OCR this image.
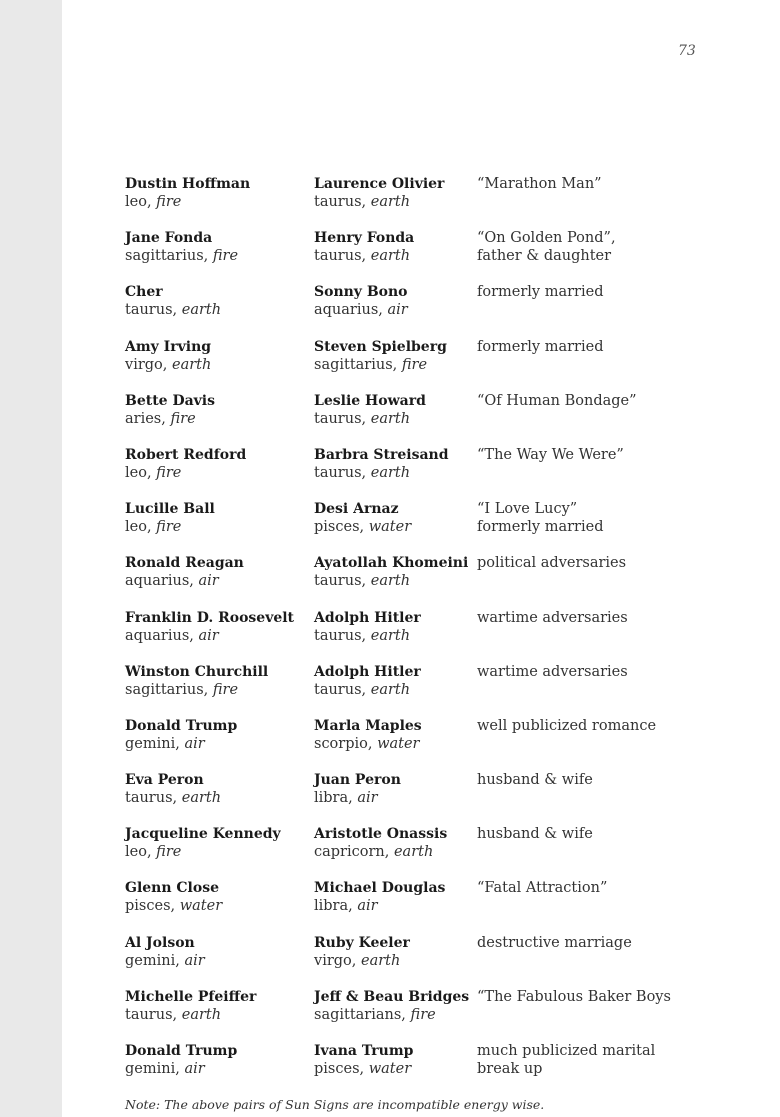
73
Dustin Hoffman
leo, fire
Laurence Olivier
taurus, earth
“Marathon Man”
Jane Fonda
sagittarius, fire
Henry Fonda
taurus, earth
“On Golden Pond”,
father & daughter
Cher
taurus, earth
Sonny Bono
aquarius, air
formerly married
Amy Irving
virgo, earth
Steven Spielberg
sagittarius, fire
formerly married
Bette Davis
aries, fire
Leslie Howard
taurus, earth
“Of Human Bondage”
Robert Redford
leo, fire
Barbra Streisand
taurus, earth
“The Way We Were”
Lucille Ball
leo, fire
Desi Arnaz
pisces, water
“I Love Lucy”
formerly married
Ronald Reagan
aquarius, air
Ayatollah Khomeini
taurus, earth
political adversaries
Franklin D. Roosevelt
aquarius, air
Adolph Hitler
taurus, earth
wartime adversaries
Winston Churchill
sagittarius, fire
Adolph Hitler
taurus, earth
wartime adversaries
Donald Trump
gemini, air
Marla Maples
scorpio, water
well publicized romance
Eva Peron
taurus, earth
Juan Peron
libra, air
husband & wife
Jacqueline Kennedy
leo, fire
Aristotle Onassis
capricorn, earth
husband & wife
Glenn Close
pisces, water
Michael Douglas
libra, air
“Fatal Attraction”
Al Jolson
gemini, air
Ruby Keeler
virgo, earth
destructive marriage
Michelle Pfeiffer
taurus, earth
Jeff & Beau Bridges
sagittarians, fire
“The Fabulous Baker Boys
Donald Trump
gemini, air
Ivana Trump
pisces, water
much publicized marital
break up
Note: The above pairs of Sun Signs are incompatible energy wise.
